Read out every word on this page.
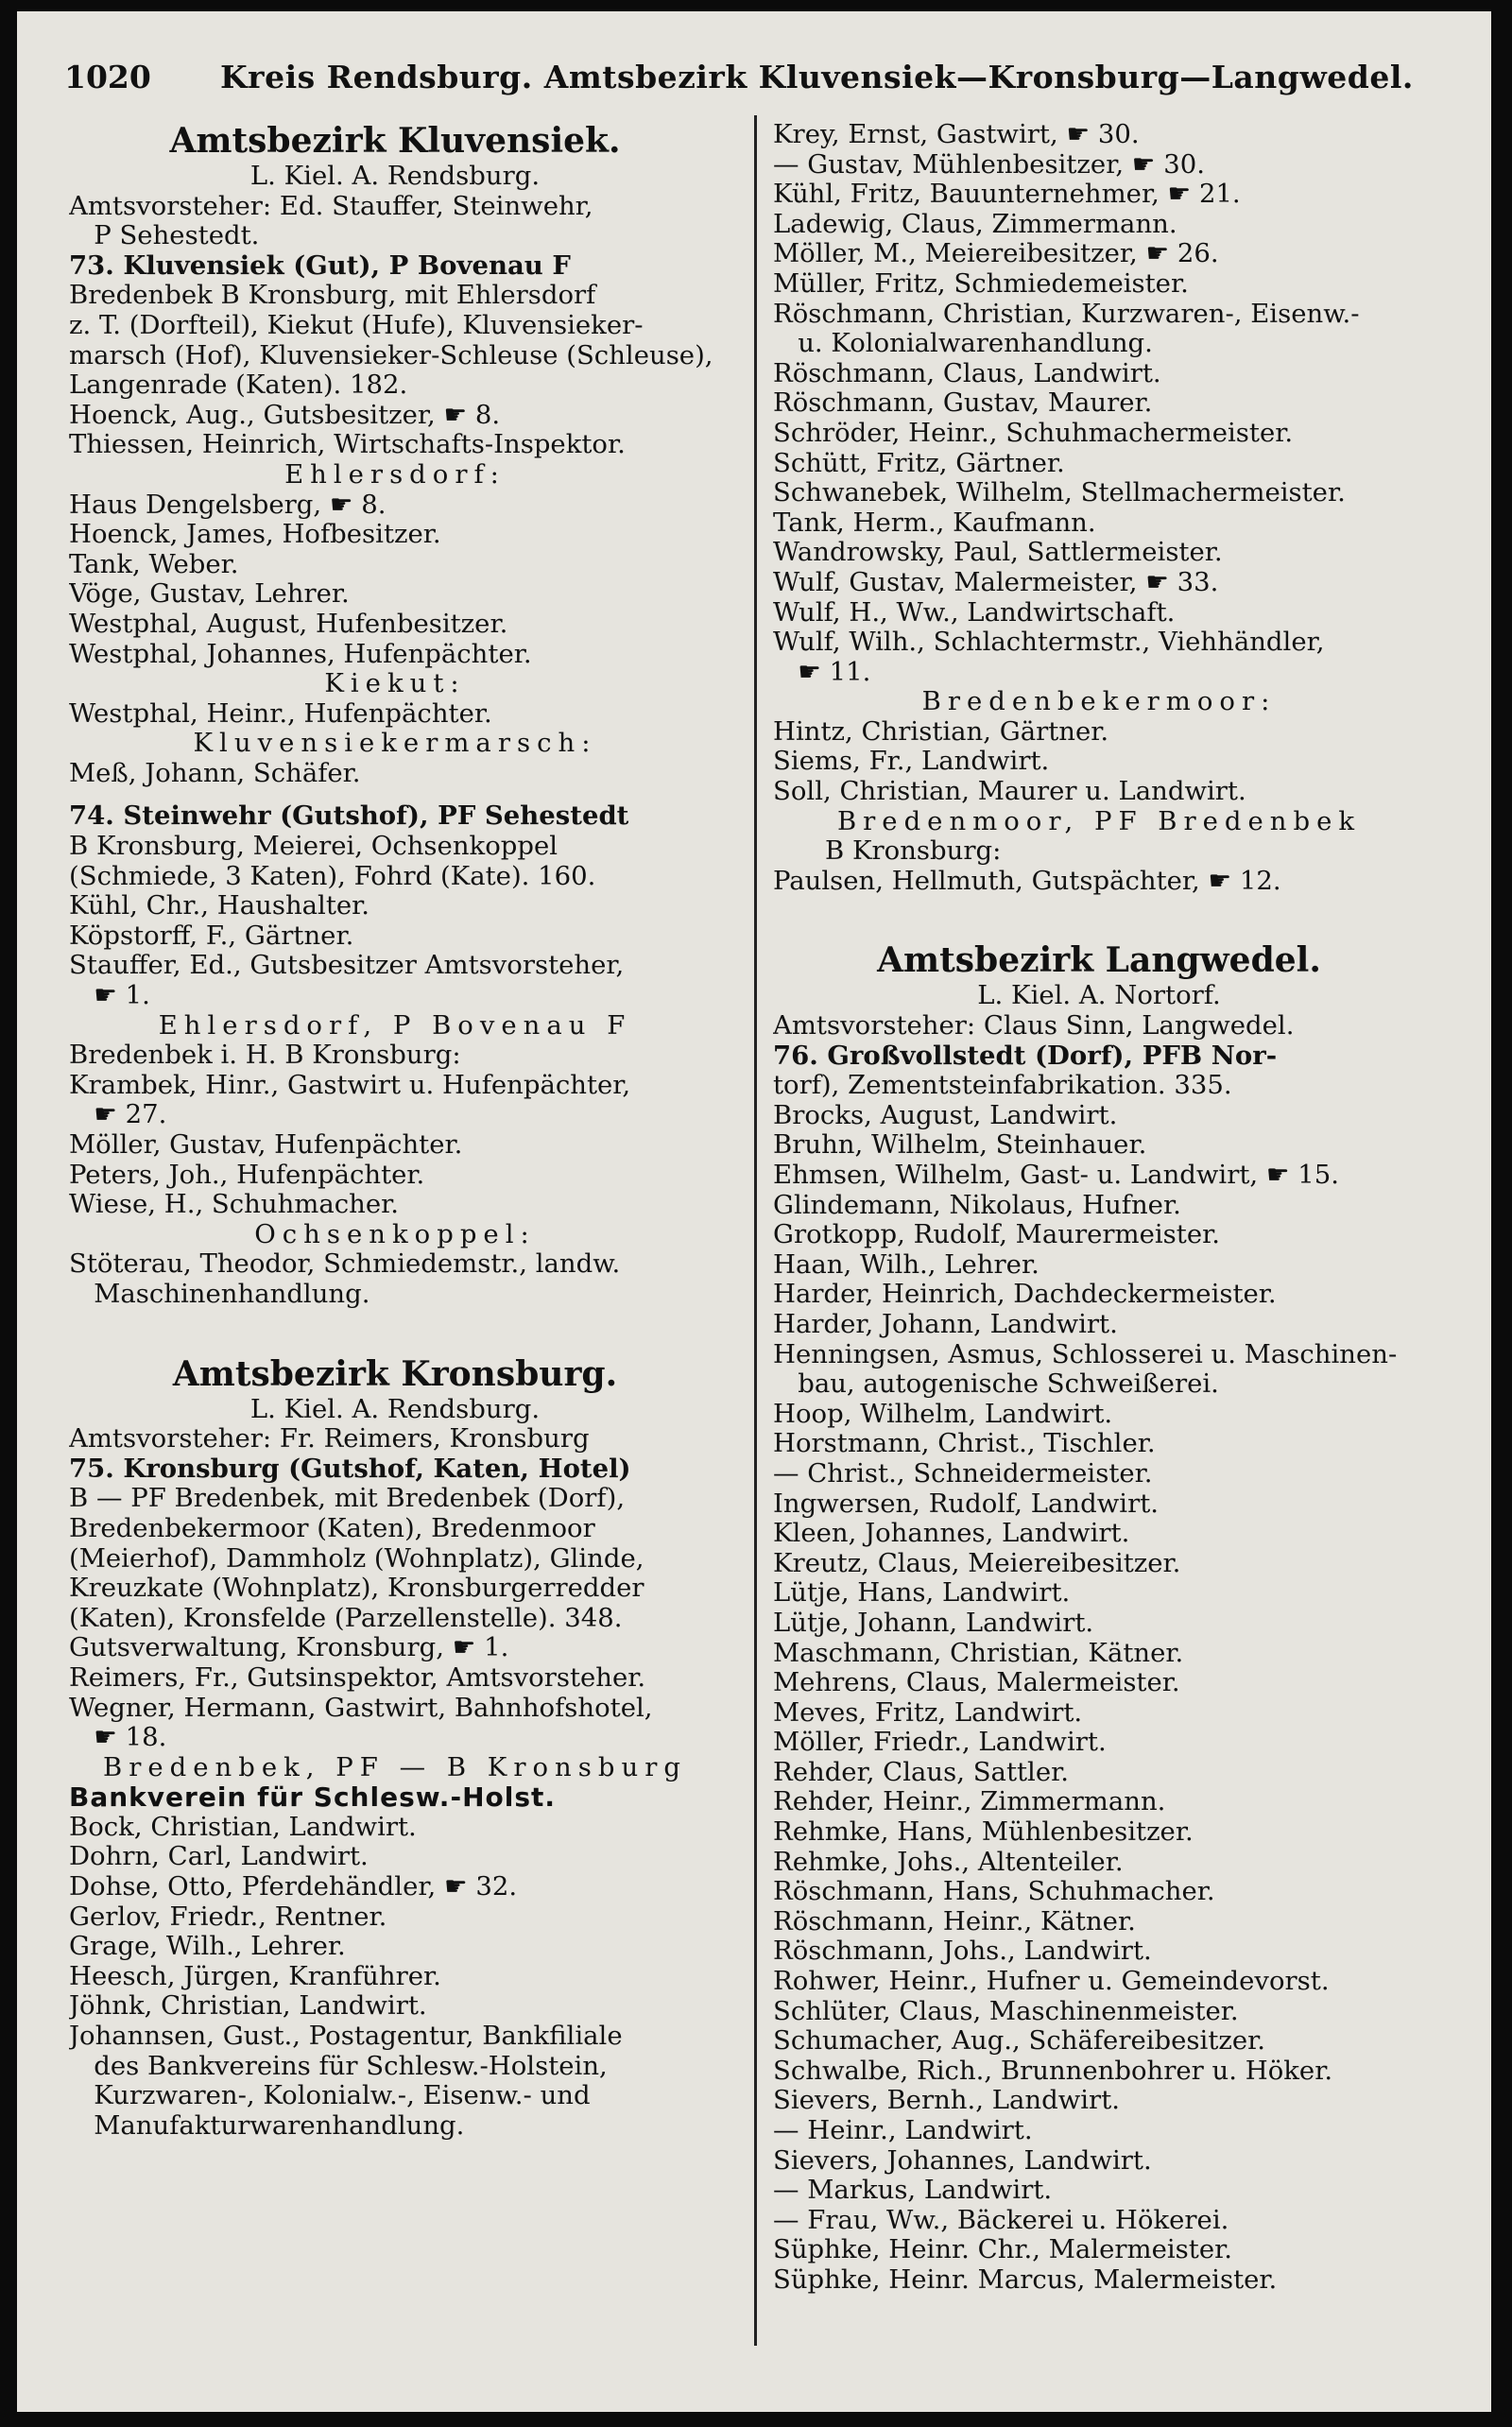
1020 Kreis Rendsburg. Amtsbezirk Kluvensiek—Kronsburg—Langwedel.
Amtsbezirk Kluvensiek.
L. Kiel. A. Rendsburg.
Amtsvorsteher: Ed. Stauffer, Steinwehr,
P Sehestedt.
73. Kluvensiek (Gut), P Bovenau F
Bredenbek B Kronsburg, mit Ehlersdorf
z. T. (Dorfteil), Kiekut (Hufe), Kluvensieker-
marsch (Hof), Kluvensieker-Schleuse (Schleuse),
Langenrade (Katen). 182.
Hoenck, Aug., Gutsbesitzer, ☛ 8.
Thiessen, Heinrich, Wirtschafts-Inspektor.
Ehlersdorf:
Haus Dengelsberg, ☛ 8.
Hoenck, James, Hofbesitzer.
Tank, Weber.
Vöge, Gustav, Lehrer.
Westphal, August, Hufenbesitzer.
Westphal, Johannes, Hufenpächter.
Kiekut:
Westphal, Heinr., Hufenpächter.
Kluvensiekermarsch:
Meß, Johann, Schäfer.
74. Steinwehr (Gutshof), PF Sehestedt
B Kronsburg, Meierei, Ochsenkoppel
(Schmiede, 3 Katen), Fohrd (Kate). 160.
Kühl, Chr., Haushalter.
Köpstorff, F., Gärtner.
Stauffer, Ed., Gutsbesitzer Amtsvorsteher,
☛ 1.
Ehlersdorf, P Bovenau F
Bredenbek i. H. B Kronsburg:
Krambek, Hinr., Gastwirt u. Hufenpächter,
☛ 27.
Möller, Gustav, Hufenpächter.
Peters, Joh., Hufenpächter.
Wiese, H., Schuhmacher.
Ochsenkoppel:
Stöterau, Theodor, Schmiedemstr., landw.
Maschinenhandlung.
Amtsbezirk Kronsburg.
L. Kiel. A. Rendsburg.
Amtsvorsteher: Fr. Reimers, Kronsburg
75. Kronsburg (Gutshof, Katen, Hotel)
B — PF Bredenbek, mit Bredenbek (Dorf),
Bredenbekermoor (Katen), Bredenmoor
(Meierhof), Dammholz (Wohnplatz), Glinde,
Kreuzkate (Wohnplatz), Kronsburgerredder
(Katen), Kronsfelde (Parzellenstelle). 348.
Gutsverwaltung, Kronsburg, ☛ 1.
Reimers, Fr., Gutsinspektor, Amtsvorsteher.
Wegner, Hermann, Gastwirt, Bahnhofshotel,
☛ 18.
Bredenbek, PF — B Kronsburg
Bankverein für Schlesw.-Holst.
Bock, Christian, Landwirt.
Dohrn, Carl, Landwirt.
Dohse, Otto, Pferdehändler, ☛ 32.
Gerlov, Friedr., Rentner.
Grage, Wilh., Lehrer.
Heesch, Jürgen, Kranführer.
Jöhnk, Christian, Landwirt.
Johannsen, Gust., Postagentur, Bankfiliale
des Bankvereins für Schlesw.-Holstein,
Kurzwaren-, Kolonialw.-, Eisenw.- und
Manufakturwarenhandlung.
Krey, Ernst, Gastwirt, ☛ 30.
— Gustav, Mühlenbesitzer, ☛ 30.
Kühl, Fritz, Bauunternehmer, ☛ 21.
Ladewig, Claus, Zimmermann.
Möller, M., Meiereibesitzer, ☛ 26.
Müller, Fritz, Schmiedemeister.
Röschmann, Christian, Kurzwaren-, Eisenw.-
u. Kolonialwarenhandlung.
Röschmann, Claus, Landwirt.
Röschmann, Gustav, Maurer.
Schröder, Heinr., Schuhmachermeister.
Schütt, Fritz, Gärtner.
Schwanebek, Wilhelm, Stellmachermeister.
Tank, Herm., Kaufmann.
Wandrowsky, Paul, Sattlermeister.
Wulf, Gustav, Malermeister, ☛ 33.
Wulf, H., Ww., Landwirtschaft.
Wulf, Wilh., Schlachtermstr., Viehhändler,
☛ 11.
Bredenbekermoor:
Hintz, Christian, Gärtner.
Siems, Fr., Landwirt.
Soll, Christian, Maurer u. Landwirt.
Bredenmoor, PF Bredenbek
B Kronsburg:
Paulsen, Hellmuth, Gutspächter, ☛ 12.
Amtsbezirk Langwedel.
L. Kiel. A. Nortorf.
Amtsvorsteher: Claus Sinn, Langwedel.
76. Großvollstedt (Dorf), PFB Nor-
torf), Zementsteinfabrikation. 335.
Brocks, August, Landwirt.
Bruhn, Wilhelm, Steinhauer.
Ehmsen, Wilhelm, Gast- u. Landwirt, ☛ 15.
Glindemann, Nikolaus, Hufner.
Grotkopp, Rudolf, Maurermeister.
Haan, Wilh., Lehrer.
Harder, Heinrich, Dachdeckermeister.
Harder, Johann, Landwirt.
Henningsen, Asmus, Schlosserei u. Maschinen-
bau, autogenische Schweißerei.
Hoop, Wilhelm, Landwirt.
Horstmann, Christ., Tischler.
— Christ., Schneidermeister.
Ingwersen, Rudolf, Landwirt.
Kleen, Johannes, Landwirt.
Kreutz, Claus, Meiereibesitzer.
Lütje, Hans, Landwirt.
Lütje, Johann, Landwirt.
Maschmann, Christian, Kätner.
Mehrens, Claus, Malermeister.
Meves, Fritz, Landwirt.
Möller, Friedr., Landwirt.
Rehder, Claus, Sattler.
Rehder, Heinr., Zimmermann.
Rehmke, Hans, Mühlenbesitzer.
Rehmke, Johs., Altenteiler.
Röschmann, Hans, Schuhmacher.
Röschmann, Heinr., Kätner.
Röschmann, Johs., Landwirt.
Rohwer, Heinr., Hufner u. Gemeindevorst.
Schlüter, Claus, Maschinenmeister.
Schumacher, Aug., Schäfereibesitzer.
Schwalbe, Rich., Brunnenbohrer u. Höker.
Sievers, Bernh., Landwirt.
— Heinr., Landwirt.
Sievers, Johannes, Landwirt.
— Markus, Landwirt.
— Frau, Ww., Bäckerei u. Hökerei.
Süphke, Heinr. Chr., Malermeister.
Süphke, Heinr. Marcus, Malermeister.
